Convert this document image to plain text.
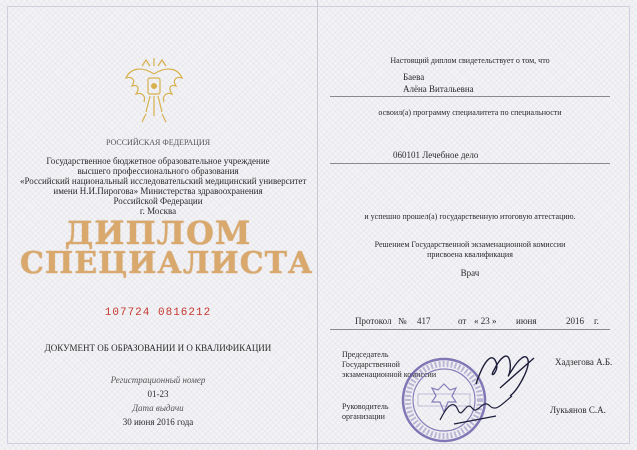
РОССИЙСКАЯ ФЕДЕРАЦИЯ
Государственное бюджетное образовательное учреждение
высшего профессионального образования
«Российский национальный исследовательский медицинский университет
имени Н.И.Пирогова» Министерства здравоохранения
Российской Федерации
г. Москва
ДИПЛОМ
СПЕЦИАЛИСТА
107724 0816212
ДОКУМЕНТ ОБ ОБРАЗОВАНИИ И О КВАЛИФИКАЦИИ
Регистрационный номер
01-23
Дата выдачи
30 июня 2016 года
Настоящий диплом свидетельствует о том, что
Баева
Алёна Витальевна
освоил(а) программу специалитета по специальности
060101 Лечебное дело
и успешно прошел(а) государственную итоговую аттестацию.
Решением Государственной экзаменационной комиссии
присвоена квалификация
Врач
Протокол № 417	от « 23 » июня	2016 г.
Председатель
Государственной
экзаменационной комиссии
Хадзегова А.Б.
Руководитель
организации
Лукьянов С.А.
